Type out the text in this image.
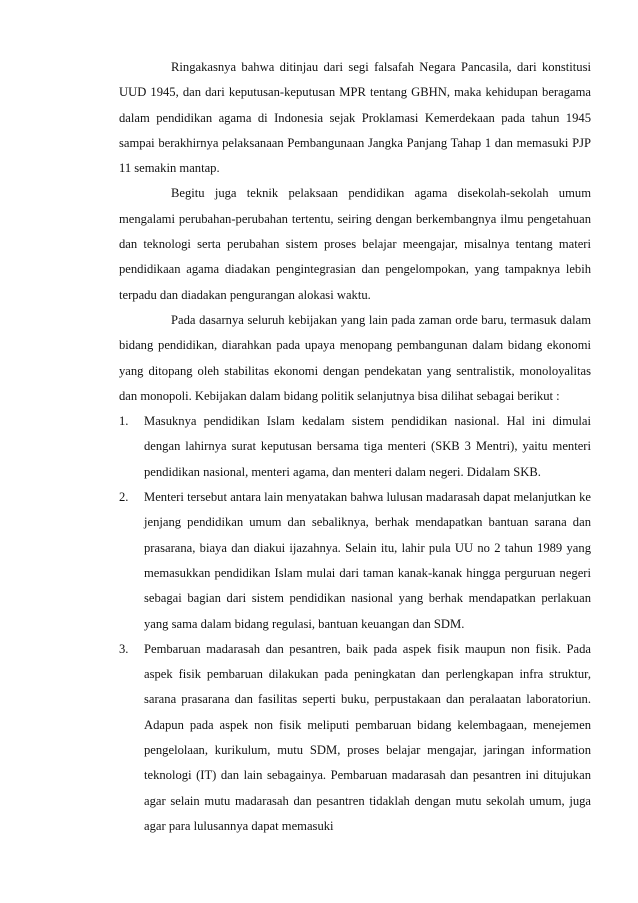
Ringakasnya bahwa ditinjau dari segi falsafah Negara Pancasila, dari konstitusi UUD 1945, dan dari keputusan-keputusan MPR tentang GBHN, maka kehidupan beragama dalam pendidikan agama di Indonesia sejak Proklamasi Kemerdekaan pada tahun 1945 sampai berakhirnya pelaksanaan Pembangunaan Jangka Panjang Tahap 1 dan memasuki PJP 11 semakin mantap.

Begitu juga teknik pelaksaan pendidikan agama disekolah-sekolah umum mengalami perubahan-perubahan tertentu, seiring dengan berkembangnya ilmu pengetahuan dan teknologi serta perubahan sistem proses belajar meengajar, misalnya tentang materi pendidikaan agama diadakan pengintegrasian dan pengelompokan, yang tampaknya lebih terpadu dan diadakan pengurangan alokasi waktu.

Pada dasarnya seluruh kebijakan yang lain pada zaman orde baru, termasuk dalam bidang pendidikan, diarahkan pada upaya menopang pembangunan dalam bidang ekonomi yang ditopang oleh stabilitas ekonomi dengan pendekatan yang sentralistik, monoloyalitas dan monopoli. Kebijakan dalam bidang politik selanjutnya bisa dilihat sebagai berikut :

1. Masuknya pendidikan Islam kedalam sistem pendidikan nasional. Hal ini dimulai dengan lahirnya surat keputusan bersama tiga menteri (SKB 3 Mentri), yaitu menteri pendidikan nasional, menteri agama, dan menteri dalam negeri. Didalam SKB.
2. Menteri tersebut antara lain menyatakan bahwa lulusan madarasah dapat melanjutkan ke jenjang pendidikan umum dan sebaliknya, berhak mendapatkan bantuan sarana dan prasarana, biaya dan diakui ijazahnya. Selain itu, lahir pula UU no 2 tahun 1989 yang memasukkan pendidikan Islam mulai dari taman kanak-kanak hingga perguruan negeri sebagai bagian dari sistem pendidikan nasional yang berhak mendapatkan perlakuan yang sama dalam bidang regulasi, bantuan keuangan dan SDM.
3. Pembaruan madarasah dan pesantren, baik pada aspek fisik maupun non fisik. Pada aspek fisik pembaruan dilakukan pada peningkatan dan perlengkapan infra struktur, sarana prasarana dan fasilitas seperti buku, perpustakaan dan peralaatan laboratoriun. Adapun pada aspek non fisik meliputi pembaruan bidang kelembagaan, menejemen pengelolaan, kurikulum, mutu SDM, proses belajar mengajar, jaringan information teknologi (IT) dan lain sebagainya. Pembaruan madarasah dan pesantren ini ditujukan agar selain mutu madarasah dan pesantren tidaklah dengan mutu sekolah umum, juga agar para lulusannya dapat memasuki
